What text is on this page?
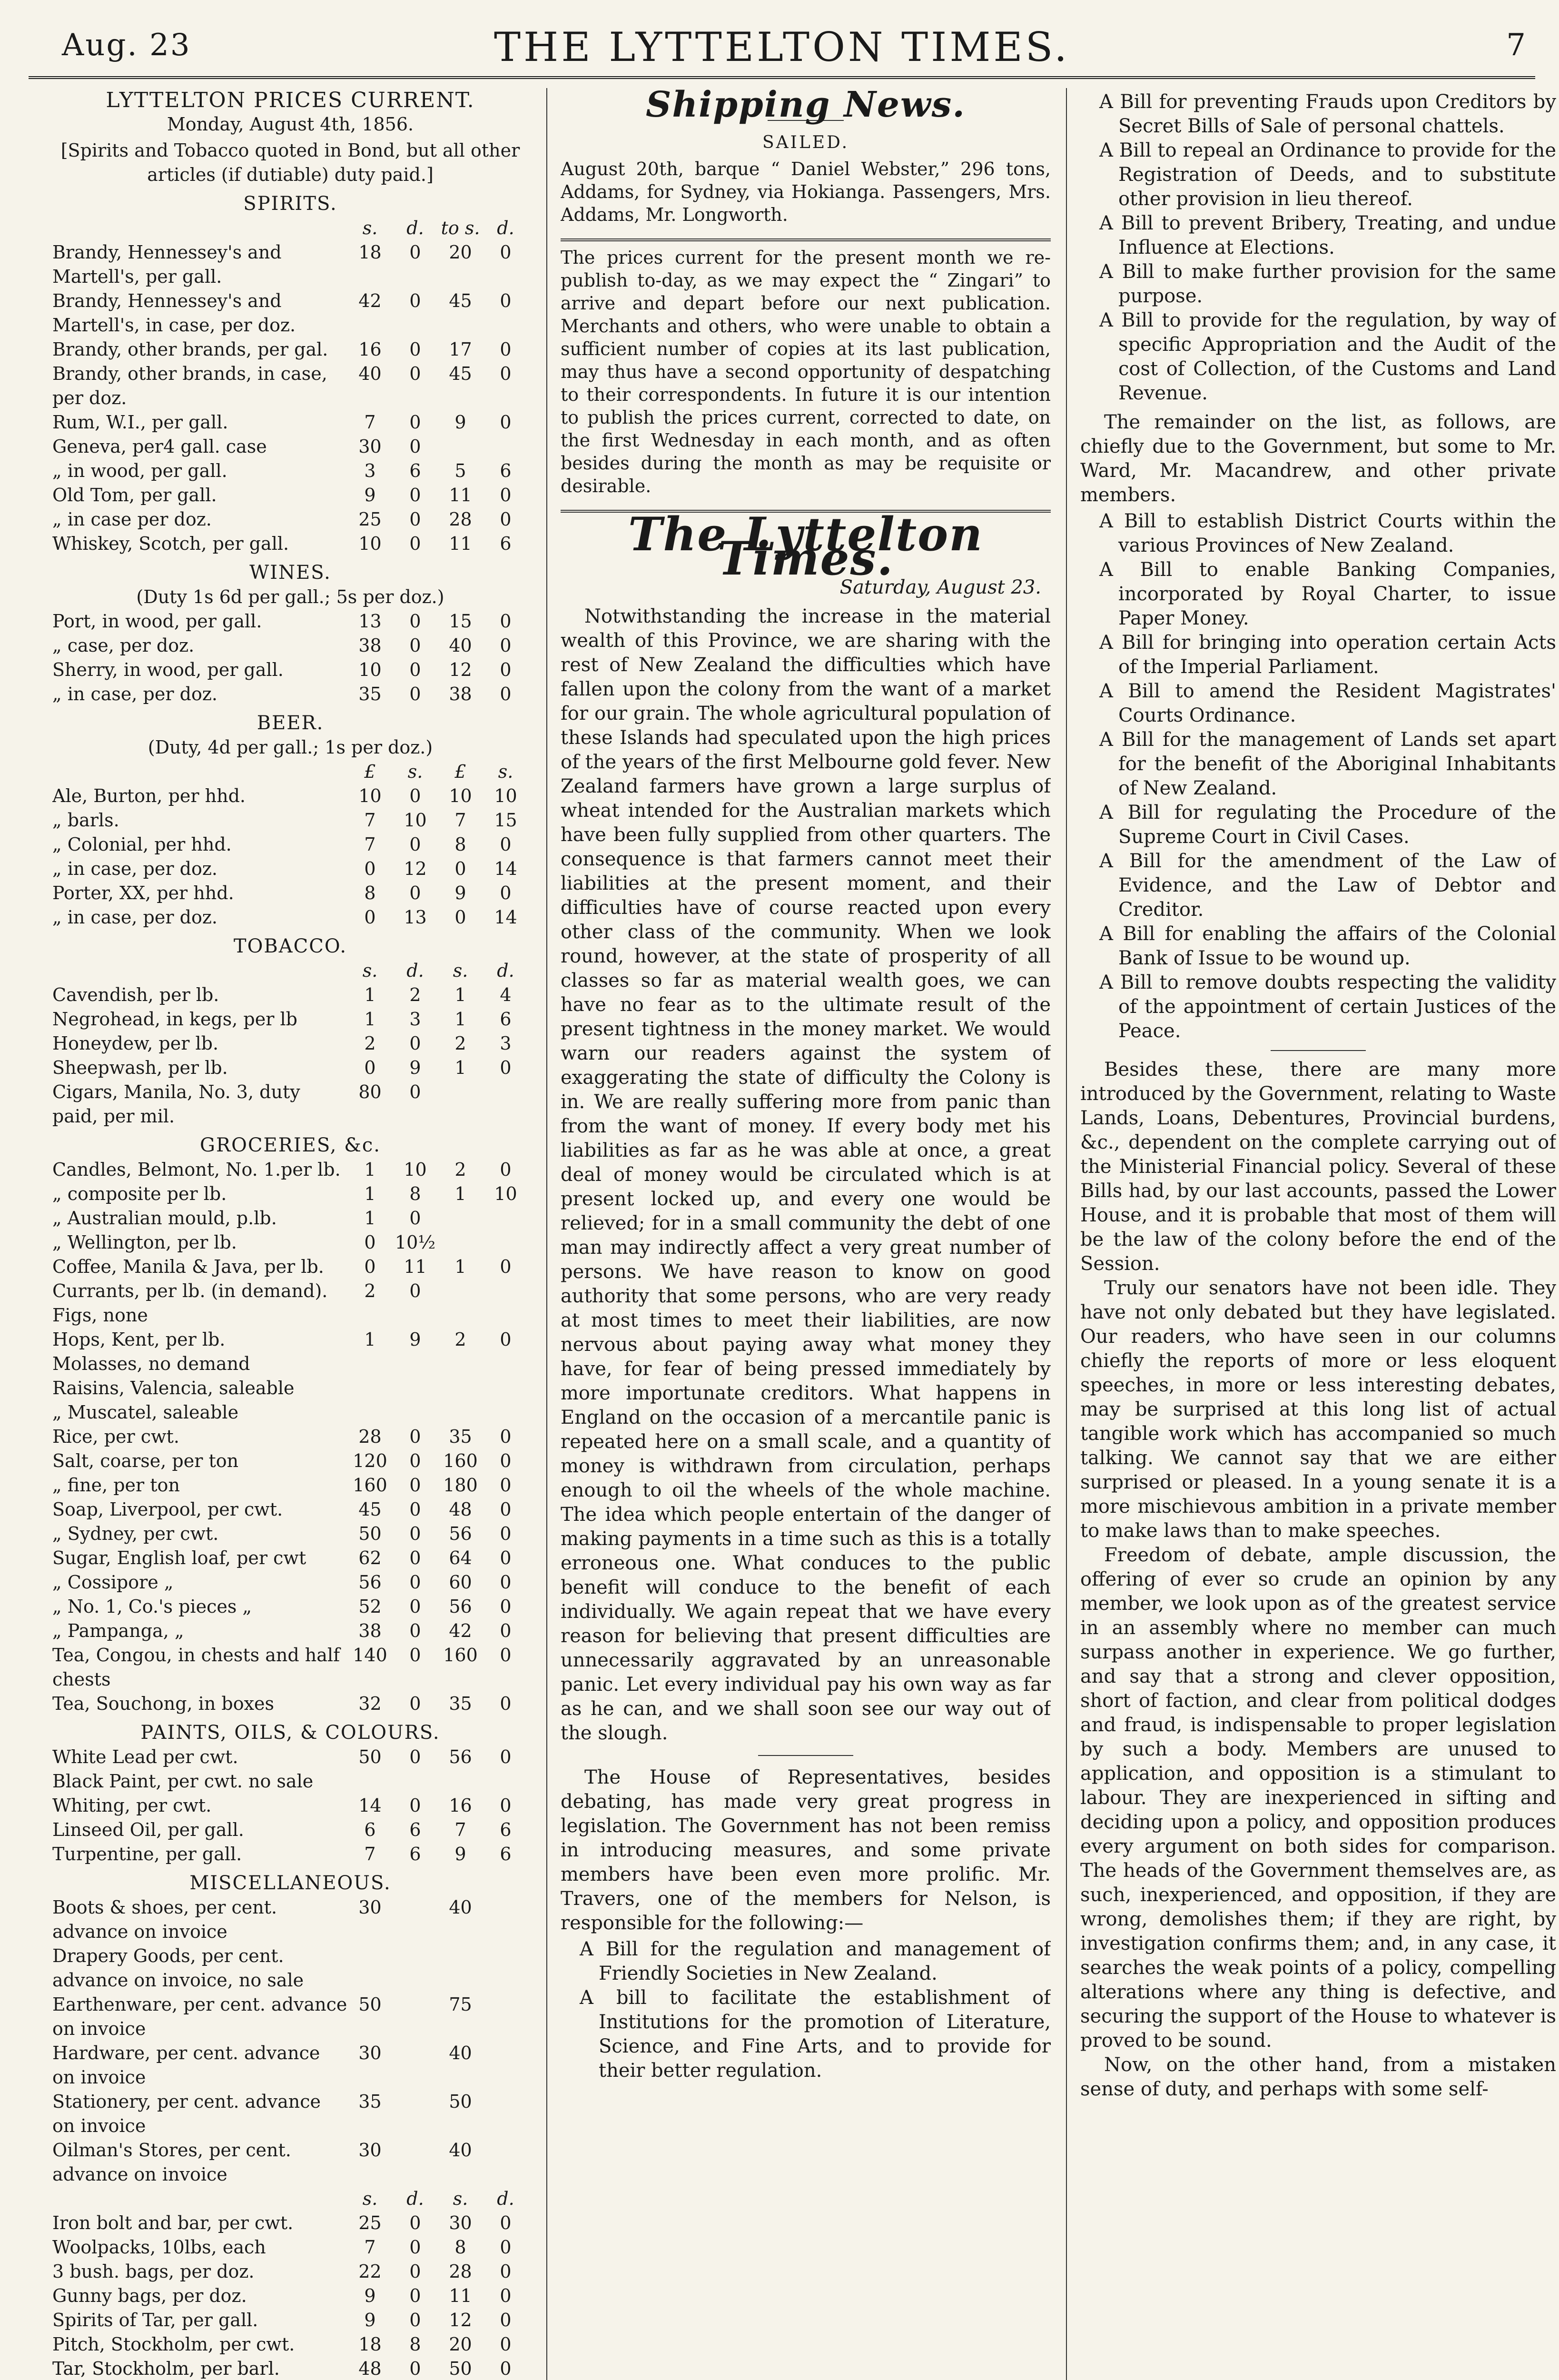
Aug. 23	THE LYTTELTON TIMES.	7
LYTTELTON PRICES CURRENT.
Monday, August 4th, 1856.
[Spirits and Tobacco quoted in Bond, but all other articles (if dutiable) duty paid.]
SPIRITS.
	s.	d.	to s.	d.
Brandy, Hennessey's and Martell's, per gall.	18	0	20	0
Brandy, Hennessey's and Martell's, in case, per doz.	42	0	45	0
Brandy, other brands, per gal.	16	0	17	0
Brandy, other brands, in case, per doz.	40	0	45	0
Rum, W.I., per gall.	7	0	9	0
Geneva, per4 gall. case	30	0		
„ in wood, per gall.	3	6	5	6
Old Tom, per gall.	9	0	11	0
„ in case per doz.	25	0	28	0
Whiskey, Scotch, per gall.	10	0	11	6
WINES.
(Duty 1s 6d per gall.; 5s per doz.)
Port, in wood, per gall.	13	0	15	0
„ case, per doz.	38	0	40	0
Sherry, in wood, per gall.	10	0	12	0
„ in case, per doz.	35	0	38	0
BEER.
(Duty, 4d per gall.; 1s per doz.)
	£	s.	£	s.
Ale, Burton, per hhd.	10	0	10	10
„ barls.	7	10	7	15
„ Colonial, per hhd.	7	0	8	0
„ in case, per doz.	0	12	0	14
Porter, XX, per hhd.	8	0	9	0
„ in case, per doz.	0	13	0	14
TOBACCO.
	s.	d.	s.	d.
Cavendish, per lb.	1	2	1	4
Negrohead, in kegs, per lb	1	3	1	6
Honeydew, per lb.	2	0	2	3
Sheepwash, per lb.	0	9	1	0
Cigars, Manila, No. 3, duty paid, per mil.	80	0		
GROCERIES, &c.
Candles, Belmont, No. 1.per lb.	1	10	2	0
„ composite per lb.	1	8	1	10
„ Australian mould, p.lb.	1	0		
„ Wellington, per lb.	0	10½		
Coffee, Manila & Java, per lb.	0	11	1	0
Currants, per lb. (in demand).	2	0		
Figs, none				
Hops, Kent, per lb.	1	9	2	0
Molasses, no demand				
Raisins, Valencia, saleable				
„ Muscatel, saleable				
Rice, per cwt.	28	0	35	0
Salt, coarse, per ton	120	0	160	0
„ fine, per ton	160	0	180	0
Soap, Liverpool, per cwt.	45	0	48	0
„ Sydney, per cwt.	50	0	56	0
Sugar, English loaf, per cwt	62	0	64	0
„ Cossipore „	56	0	60	0
„ No. 1, Co.'s pieces „	52	0	56	0
„ Pampanga, „	38	0	42	0
Tea, Congou, in chests and half chests	140	0	160	0
Tea, Souchong, in boxes	32	0	35	0
PAINTS, OILS, & COLOURS.
White Lead per cwt.	50	0	56	0
Black Paint, per cwt. no sale				
Whiting, per cwt.	14	0	16	0
Linseed Oil, per gall.	6	6	7	6
Turpentine, per gall.	7	6	9	6
MISCELLANEOUS.
Boots & shoes, per cent. advance on invoice	30		40	
Drapery Goods, per cent. advance on invoice, no sale				
Earthenware, per cent. advance on invoice	50		75	
Hardware, per cent. advance on invoice	30		40	
Stationery, per cent. advance on invoice	35		50	
Oilman's Stores, per cent. advance on invoice	30		40	
	s.	d.	s.	d.
Iron bolt and bar, per cwt.	25	0	30	0
Woolpacks, 10lbs, each	7	0	8	0
3 bush. bags, per doz.	22	0	28	0
Gunny bags, per doz.	9	0	11	0
Spirits of Tar, per gall.	9	0	12	0
Pitch, Stockholm, per cwt.	18	8	20	0
Tar, Stockholm, per barl.	48	0	50	0

Shipping News.
SAILED.
August 20th, barque “ Daniel Webster,” 296 tons, Addams, for Sydney, via Hokianga. Passengers, Mrs. Addams, Mr. Longworth.
The prices current for the present month we re-publish to-day, as we may expect the “ Zingari” to arrive and depart before our next publication. Merchants and others, who were unable to obtain a sufficient number of copies at its last publication, may thus have a second opportunity of despatching to their correspondents. In future it is our intention to publish the prices current, corrected to date, on the first Wednesday in each month, and as often besides during the month as may be requisite or desirable.
The Lyttelton Times.
Saturday, August 23.

Notwithstanding the increase in the material wealth of this Province, we are sharing with the rest of New Zealand the difficulties which have fallen upon the colony from the want of a market for our grain. The whole agricultural population of these Islands had speculated upon the high prices of the years of the first Melbourne gold fever. New Zealand farmers have grown a large surplus of wheat intended for the Australian markets which have been fully supplied from other quarters. The consequence is that farmers cannot meet their liabilities at the present moment, and their difficulties have of course reacted upon every other class of the community. When we look round, however, at the state of prosperity of all classes so far as material wealth goes, we can have no fear as to the ultimate result of the present tightness in the money market. We would warn our readers against the system of exaggerating the state of difficulty the Colony is in. We are really suffering more from panic than from the want of money. If every body met his liabilities as far as he was able at once, a great deal of money would be circulated which is at present locked up, and every one would be relieved; for in a small community the debt of one man may indirectly affect a very great number of persons. We have reason to know on good authority that some persons, who are very ready at most times to meet their liabilities, are now nervous about paying away what money they have, for fear of being pressed immediately by more importunate creditors. What happens in England on the occasion of a mercantile panic is repeated here on a small scale, and a quantity of money is withdrawn from circulation, perhaps enough to oil the wheels of the whole machine. The idea which people entertain of the danger of making payments in a time such as this is a totally erroneous one. What conduces to the public benefit will conduce to the benefit of each individually. We again repeat that we have every reason for believing that present difficulties are unnecessarily aggravated by an unreasonable panic. Let every individual pay his own way as far as he can, and we shall soon see our way out of the slough.

The House of Representatives, besides debating, has made very great progress in legislation. The Government has not been remiss in introducing measures, and some private members have been even more prolific. Mr. Travers, one of the members for Nelson, is responsible for the following:—

A Bill for the regulation and management of Friendly Societies in New Zealand.
A bill to facilitate the establishment of Institutions for the promotion of Literature, Science, and Fine Arts, and to provide for their better regulation.
A Bill for preventing Frauds upon Creditors by Secret Bills of Sale of personal chattels.
A Bill to repeal an Ordinance to provide for the Registration of Deeds, and to substitute other provision in lieu thereof.
A Bill to prevent Bribery, Treating, and undue Influence at Elections.
A Bill to make further provision for the same purpose.
A Bill to provide for the regulation, by way of specific Appropriation and the Audit of the cost of Collection, of the Customs and Land Revenue.

The remainder on the list, as follows, are chiefly due to the Government, but some to Mr. Ward, Mr. Macandrew, and other private members.

A Bill to establish District Courts within the various Provinces of New Zealand.
A Bill to enable Banking Companies, incorporated by Royal Charter, to issue Paper Money.
A Bill for bringing into operation certain Acts of the Imperial Parliament.
A Bill to amend the Resident Magistrates' Courts Ordinance.
A Bill for the management of Lands set apart for the benefit of the Aboriginal Inhabitants of New Zealand.
A Bill for regulating the Procedure of the Supreme Court in Civil Cases.
A Bill for the amendment of the Law of Evidence, and the Law of Debtor and Creditor.
A Bill for enabling the affairs of the Colonial Bank of Issue to be wound up.
A Bill to remove doubts respecting the validity of the appointment of certain Justices of the Peace.

Besides these, there are many more introduced by the Government, relating to Waste Lands, Loans, Debentures, Provincial burdens, &c., dependent on the complete carrying out of the Ministerial Financial policy. Several of these Bills had, by our last accounts, passed the Lower House, and it is probable that most of them will be the law of the colony before the end of the Session.

Truly our senators have not been idle. They have not only debated but they have legislated. Our readers, who have seen in our columns chiefly the reports of more or less eloquent speeches, in more or less interesting debates, may be surprised at this long list of actual tangible work which has accompanied so much talking. We cannot say that we are either surprised or pleased. In a young senate it is a more mischievous ambition in a private member to make laws than to make speeches.

Freedom of debate, ample discussion, the offering of ever so crude an opinion by any member, we look upon as of the greatest service in an assembly where no member can much surpass another in experience. We go further, and say that a strong and clever opposition, short of faction, and clear from political dodges and fraud, is indispensable to proper legislation by such a body. Members are unused to application, and opposition is a stimulant to labour. They are inexperienced in sifting and deciding upon a policy, and opposition produces every argument on both sides for comparison. The heads of the Government themselves are, as such, inexperienced, and opposition, if they are wrong, demolishes them; if they are right, by investigation confirms them; and, in any case, it searches the weak points of a policy, compelling alterations where any thing is defective, and securing the support of the House to whatever is proved to be sound.

Now, on the other hand, from a mistaken sense of duty, and perhaps with some self-
